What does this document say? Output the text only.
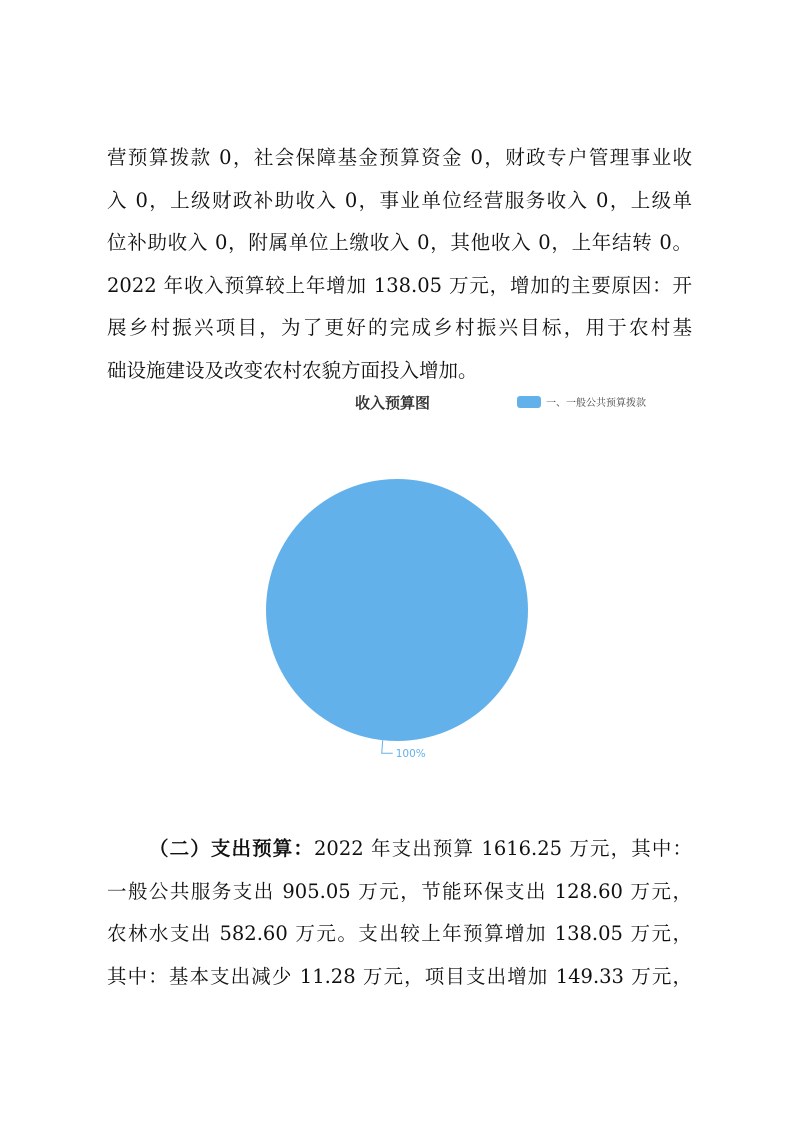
营预算拨款 0，社会保障基金预算资金 0，财政专户管理事业收
入 0，上级财政补助收入 0，事业单位经营服务收入 0，上级单
位补助收入 0，附属单位上缴收入 0，其他收入 0，上年结转 0。
2022 年收入预算较上年增加 138.05 万元，增加的主要原因：开
展乡村振兴项目，为了更好的完成乡村振兴目标，用于农村基
础设施建设及改变农村农貌方面投入增加。
收入预算图	一、一般公共预算拨款
100%
（二）支出预算：2022 年支出预算 1616.25 万元，其中：
一般公共服务支出 905.05 万元，节能环保支出 128.60 万元，
农林水支出 582.60 万元。支出较上年预算增加 138.05 万元，
其中：基本支出减少 11.28 万元，项目支出增加 149.33 万元，
